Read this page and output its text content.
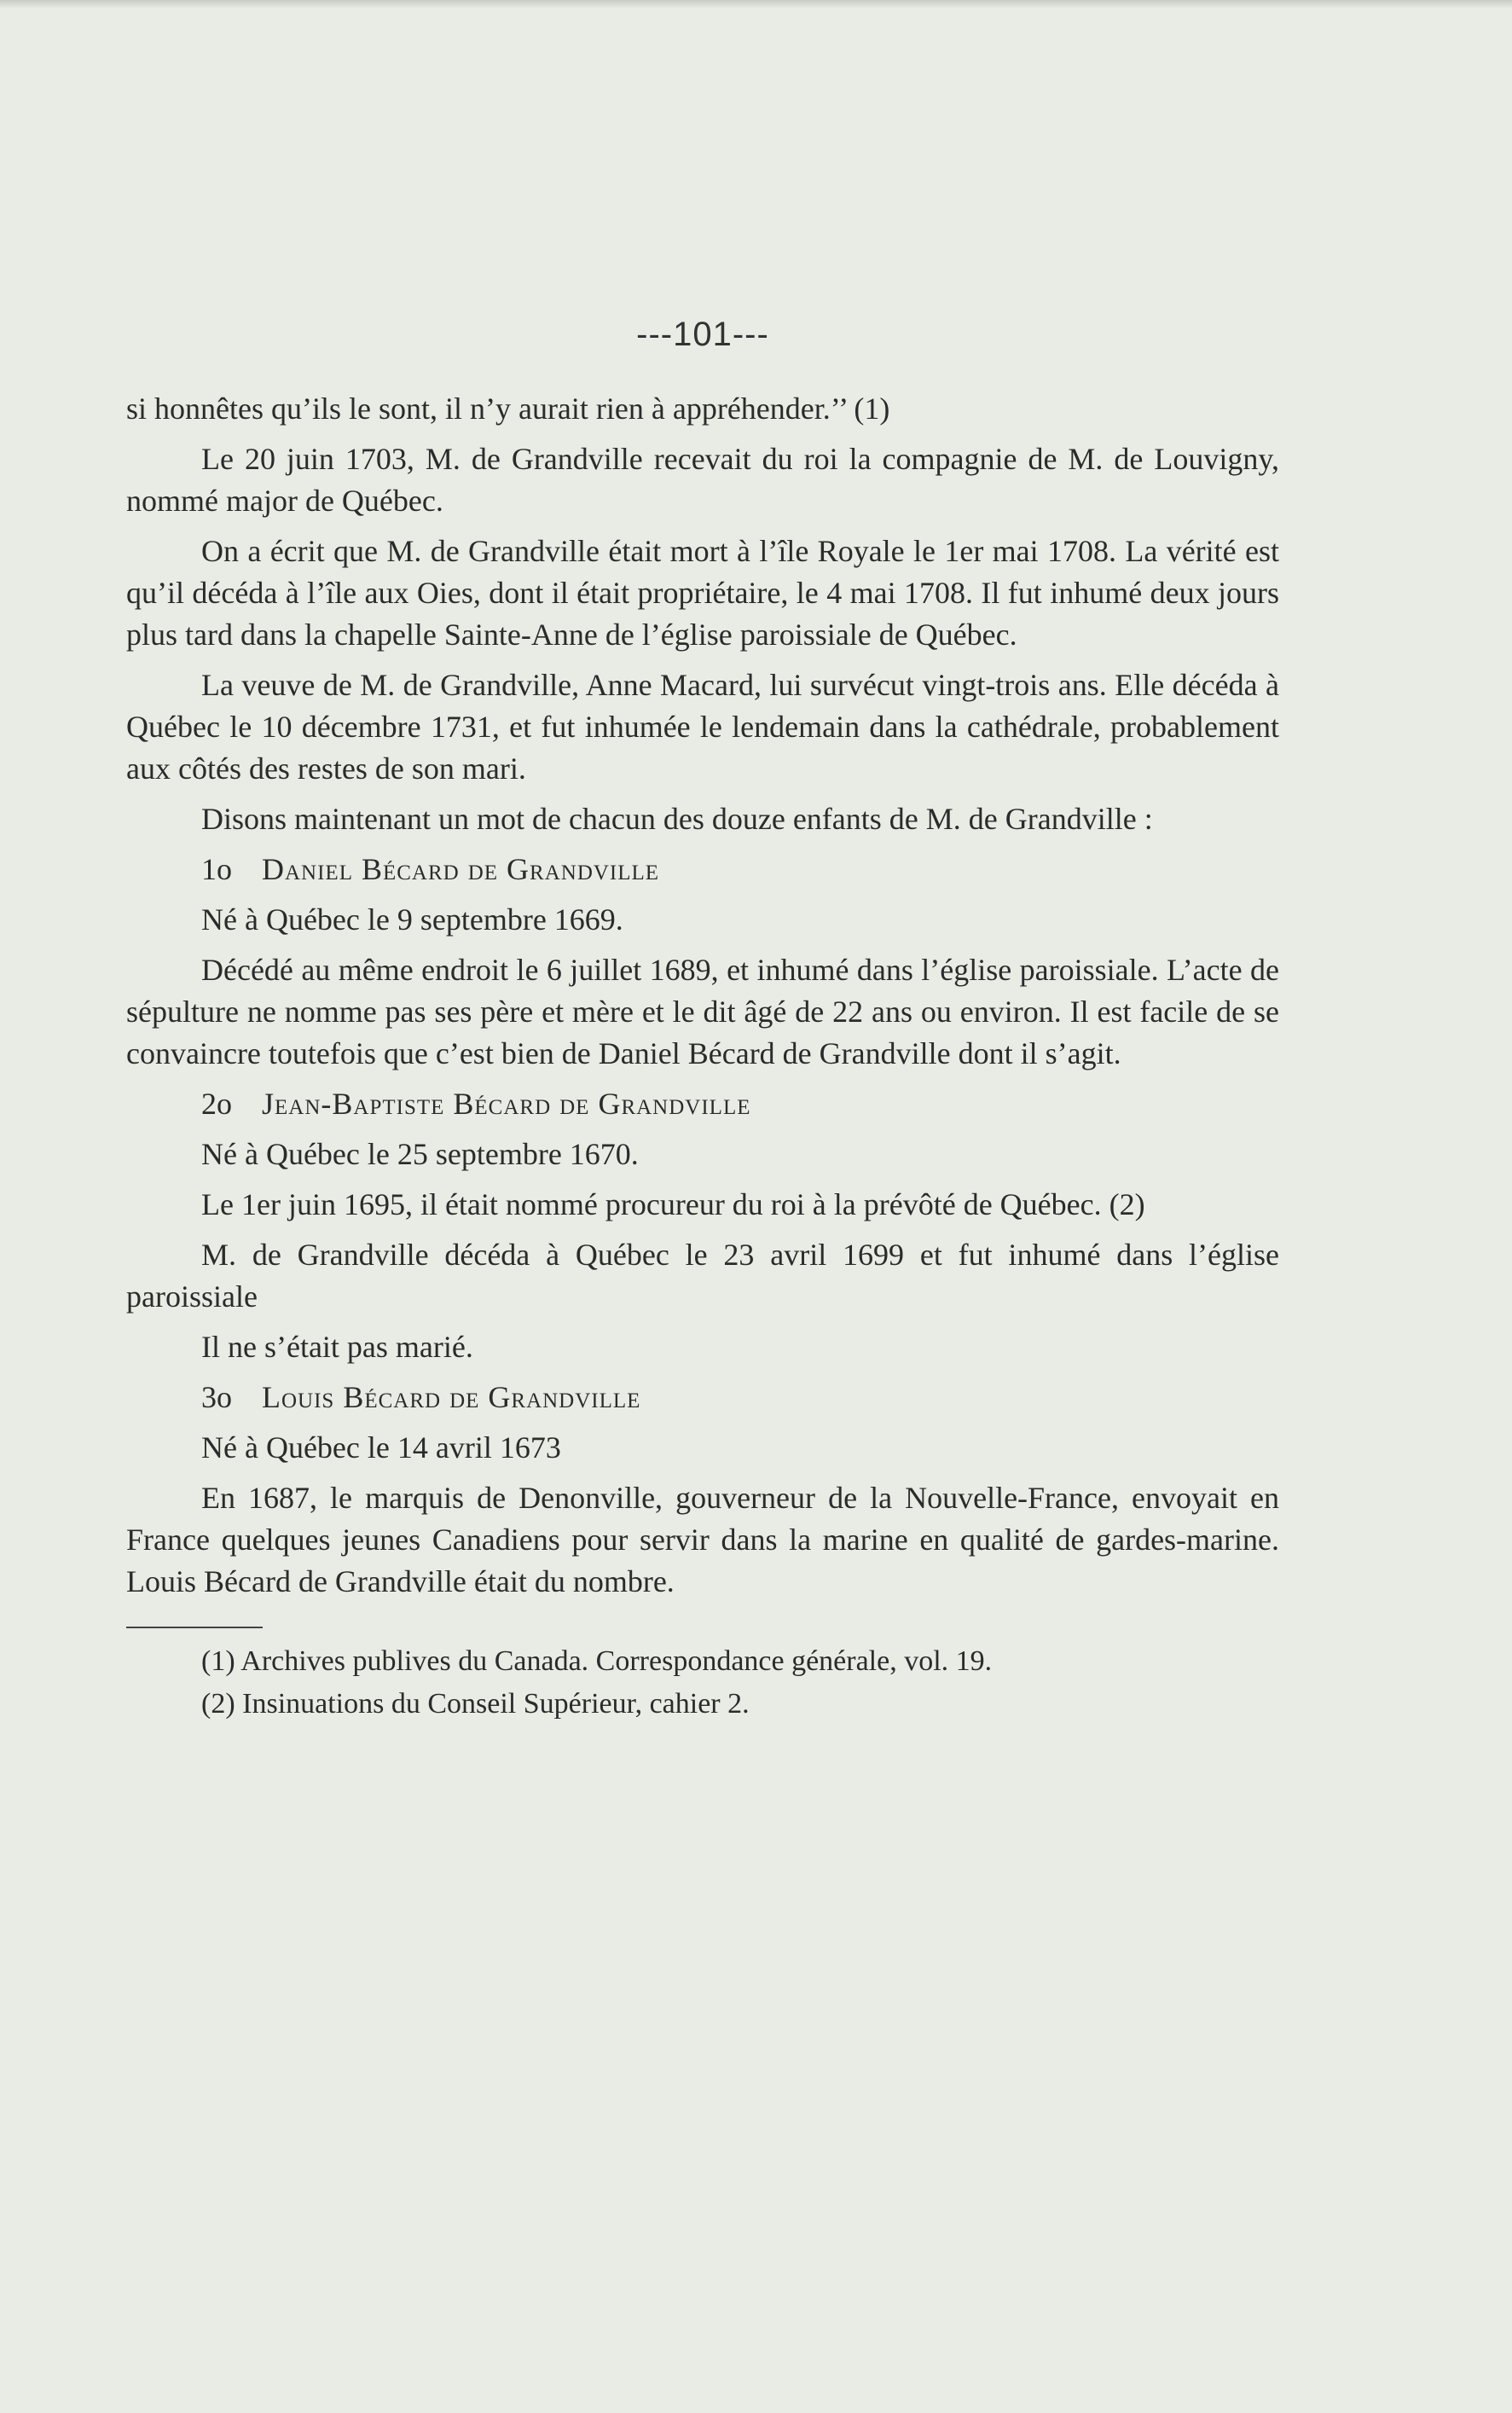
---101---

si honnêtes qu’ils le sont, il n’y aurait rien à appréhender.’’ (1)

Le 20 juin 1703, M. de Grandville recevait du roi la compagnie de M. de Louvigny, nommé major de Québec.

On a écrit que M. de Grandville était mort à l’île Royale le 1er mai 1708. La vérité est qu’il décéda à l’île aux Oies, dont il était propriétaire, le 4 mai 1708. Il fut inhumé deux jours plus tard dans la chapelle Sainte-Anne de l’église paroissiale de Québec.

La veuve de M. de Grandville, Anne Macard, lui survécut vingt-trois ans. Elle décéda à Québec le 10 décembre 1731, et fut inhumée le lendemain dans la cathédrale, probablement aux côtés des restes de son mari.

Disons maintenant un mot de chacun des douze enfants de M. de Grandville :

1o Daniel Bécard de Grandville
Né à Québec le 9 septembre 1669.

Décédé au même endroit le 6 juillet 1689, et inhumé dans l’église paroissiale. L’acte de sépulture ne nomme pas ses père et mère et le dit âgé de 22 ans ou environ. Il est facile de se convaincre toutefois que c’est bien de Daniel Bécard de Grandville dont il s’agit.

2o Jean-Baptiste Bécard de Grandville
Né à Québec le 25 septembre 1670.

Le 1er juin 1695, il était nommé procureur du roi à la prévôté de Québec. (2)

M. de Grandville décéda à Québec le 23 avril 1699 et fut inhumé dans l’église paroissiale

Il ne s’était pas marié.
3o Louis Bécard de Grandville
Né à Québec le 14 avril 1673

En 1687, le marquis de Denonville, gouverneur de la Nouvelle-France, envoyait en France quelques jeunes Canadiens pour servir dans la marine en qualité de gardes-marine. Louis Bécard de Grandville était du nombre.

(1) Archives publives du Canada. Correspondance générale, vol. 19.

(2) Insinuations du Conseil Supérieur, cahier 2.
